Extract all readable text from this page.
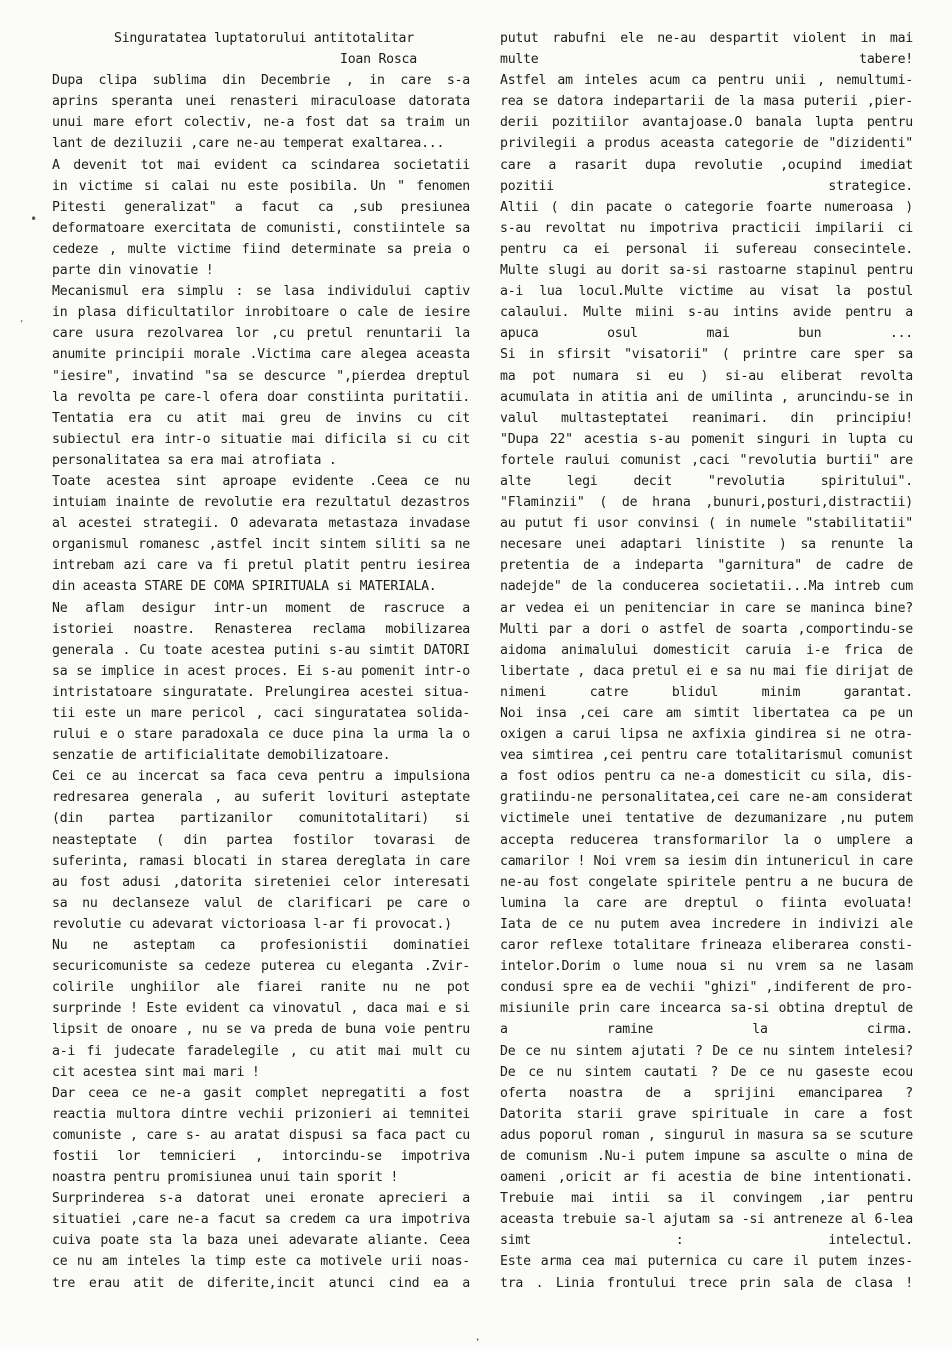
Singuratatea luptatorului antitotalitar
Ioan Rosca
Dupa clipa sublima din Decembrie , in care s-a
aprins speranta unei renasteri miraculoase datorata
unui mare efort colectiv, ne-a fost dat sa traim un
lant de deziluzii ,care ne-au temperat exaltarea...
A devenit tot mai evident ca scindarea societatii
in victime si calai nu este posibila. Un " fenomen
Pitesti generalizat" a facut ca ,sub presiunea
deformatoare exercitata de comunisti, constiintele sa
cedeze , multe victime fiind determinate sa preia o
parte din vinovatie !
Mecanismul era simplu : se lasa individului captiv
in plasa dificultatilor inrobitoare o cale de iesire
care usura rezolvarea lor ,cu pretul renuntarii la
anumite principii morale .Victima care alegea aceasta
"iesire", invatind "sa se descurce ",pierdea dreptul
la revolta pe care-l ofera doar constiinta puritatii.
Tentatia era cu atit mai greu de invins cu cit
subiectul era intr-o situatie mai dificila si cu cit
personalitatea sa era mai atrofiata .
Toate acestea sint aproape evidente .Ceea ce nu
intuiam inainte de revolutie era rezultatul dezastros
al acestei strategii. O adevarata metastaza invadase
organismul romanesc ,astfel incit sintem siliti sa ne
intrebam azi care va fi pretul platit pentru iesirea
din aceasta STARE DE COMA SPIRITUALA si MATERIALA.
Ne aflam desigur intr-un moment de rascruce a
istoriei noastre. Renasterea reclama mobilizarea
generala . Cu toate acestea putini s-au simtit DATORI
sa se implice in acest proces. Ei s-au pomenit intr-o
intristatoare singuratate. Prelungirea acestei situa-
tii este un mare pericol , caci singuratatea solida-
rului e o stare paradoxala ce duce pina la urma la o
senzatie de artificialitate demobilizatoare.
Cei ce au incercat sa faca ceva pentru a impulsiona
redresarea generala , au suferit lovituri asteptate
(din partea partizanilor comunitotalitari) si
neasteptate ( din partea fostilor tovarasi de
suferinta, ramasi blocati in starea dereglata in care
au fost adusi ,datorita sireteniei celor interesati
sa nu declanseze valul de clarificari pe care o
revolutie cu adevarat victorioasa l-ar fi provocat.)
Nu ne asteptam ca profesionistii dominatiei
securicomuniste sa cedeze puterea cu eleganta .Zvir-
colirile unghiilor ale fiarei ranite nu ne pot
surprinde ! Este evident ca vinovatul , daca mai e si
lipsit de onoare , nu se va preda de buna voie pentru
a-i fi judecate faradelegile , cu atit mai mult cu
cit acestea sint mai mari !
Dar ceea ce ne-a gasit complet nepregatiti a fost
reactia multora dintre vechii prizonieri ai temnitei
comuniste , care s- au aratat dispusi sa faca pact cu
fostii lor temnicieri , intorcindu-se impotriva
noastra pentru promisiunea unui tain sporit !
Surprinderea s-a datorat unei eronate aprecieri a
situatiei ,care ne-a facut sa credem ca ura impotriva
cuiva poate sta la baza unei adevarate aliante. Ceea
ce nu am inteles la timp este ca motivele urii noas-
tre erau atit de diferite,incit atunci cind ea a
putut rabufni ele ne-au despartit violent in mai
multe tabere!
Astfel am inteles acum ca pentru unii , nemultumi-
rea se datora indepartarii de la masa puterii ,pier-
derii pozitiilor avantajoase.O banala lupta pentru
privilegii a produs aceasta categorie de "dizidenti"
care a rasarit dupa revolutie ,ocupind imediat
pozitii strategice.
Altii ( din pacate o categorie foarte numeroasa )
s-au revoltat nu impotriva practicii impilarii ci
pentru ca ei personal ii sufereau consecintele.
Multe slugi au dorit sa-si rastoarne stapinul pentru
a-i lua locul.Multe victime au visat la postul
calaului. Multe miini s-au intins avide pentru a
apuca osul mai bun ...
Si in sfirsit "visatorii" ( printre care sper sa
ma pot numara si eu ) si-au eliberat revolta
acumulata in atitia ani de umilinta , aruncindu-se in
valul multasteptatei reanimari. din principiu!
"Dupa 22" acestia s-au pomenit singuri in lupta cu
fortele raului comunist ,caci "revolutia burtii" are
alte legi decit "revolutia spiritului".
"Flaminzii" ( de hrana ,bunuri,posturi,distractii)
au putut fi usor convinsi ( in numele "stabilitatii"
necesare unei adaptari linistite ) sa renunte la
pretentia de a indeparta "garnitura" de cadre de
nadejde" de la conducerea societatii...Ma intreb cum
ar vedea ei un penitenciar in care se maninca bine?
Multi par a dori o astfel de soarta ,comportindu-se
aidoma animalului domesticit caruia i-e frica de
libertate , daca pretul ei e sa nu mai fie dirijat de
nimeni catre blidul minim garantat.
Noi insa ,cei care am simtit libertatea ca pe un
oxigen a carui lipsa ne axfixia gindirea si ne otra-
vea simtirea ,cei pentru care totalitarismul comunist
a fost odios pentru ca ne-a domesticit cu sila, dis-
gratiindu-ne personalitatea,cei care ne-am considerat
victimele unei tentative de dezumanizare ,nu putem
accepta reducerea transformarilor la o umplere a
camarilor ! Noi vrem sa iesim din intunericul in care
ne-au fost congelate spiritele pentru a ne bucura de
lumina la care are dreptul o fiinta evoluata!
Iata de ce nu putem avea incredere in indivizi ale
caror reflexe totalitare frineaza eliberarea consti-
intelor.Dorim o lume noua si nu vrem sa ne lasam
condusi spre ea de vechii "ghizi" ,indiferent de pro-
misiunile prin care incearca sa-si obtina dreptul de
a ramine la cirma.
De ce nu sintem ajutati ? De ce nu sintem intelesi?
De ce nu sintem cautati ? De ce nu gaseste ecou
oferta noastra de a sprijini emanciparea ?
Datorita starii grave spirituale in care a fost
adus poporul roman , singurul in masura sa se scuture
de comunism .Nu-i putem impune sa asculte o mina de
oameni ,oricit ar fi acestia de bine intentionati.
Trebuie mai intii sa il convingem ,iar pentru
aceasta trebuie sa-l ajutam sa -si antreneze al 6-lea
simt : intelectul.
Este arma cea mai puternica cu care il putem inzes-
tra . Linia frontului trece prin sala de clasa !
•
ˑ
·
